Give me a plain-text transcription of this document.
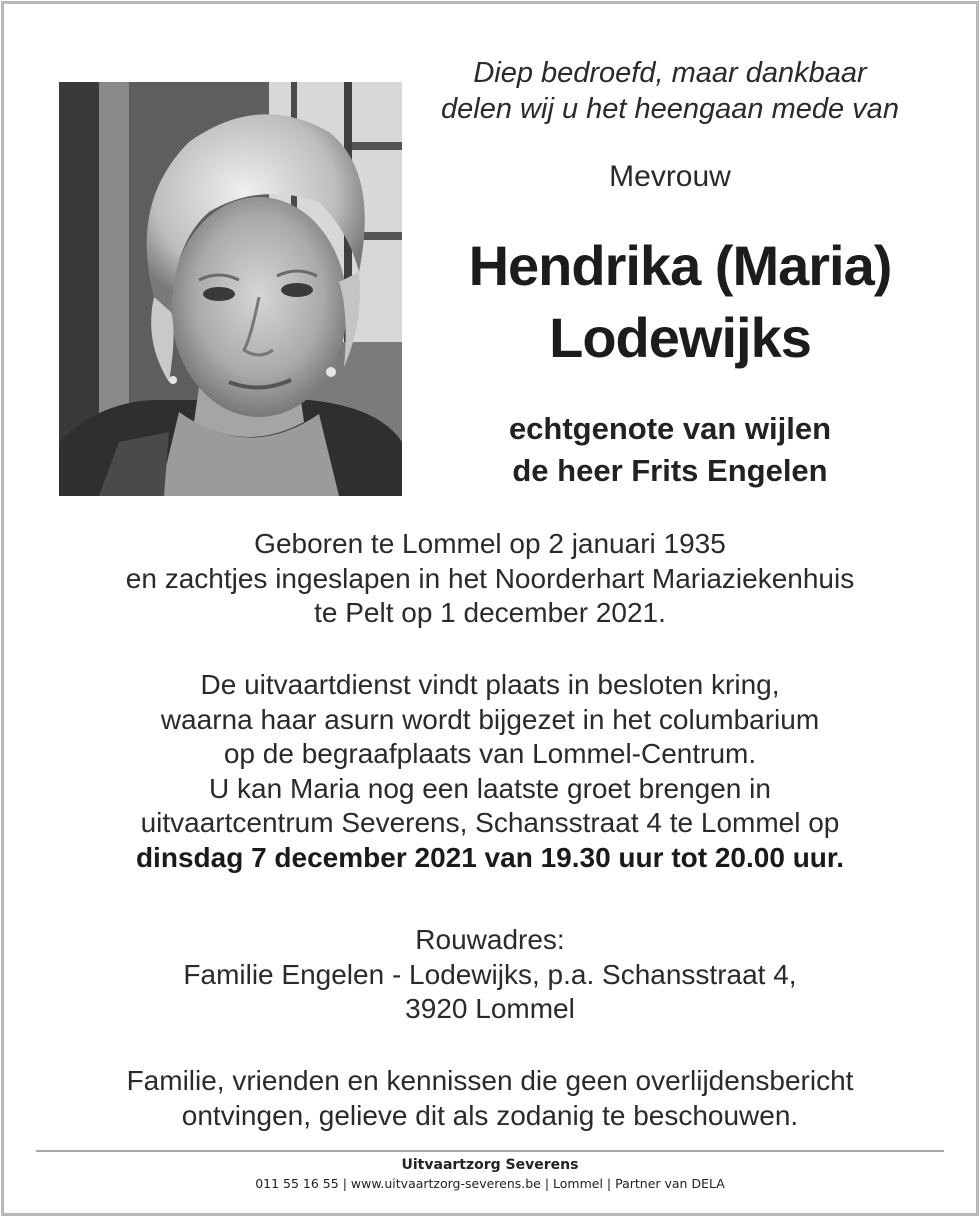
Diep bedroefd, maar dankbaar
delen wij u het heengaan mede van
Mevrouw
Hendrika (Maria)
Lodewijks
echtgenote van wijlen
de heer Frits Engelen
Geboren te Lommel op 2 januari 1935
en zachtjes ingeslapen in het Noorderhart Mariaziekenhuis
te Pelt op 1 december 2021.
De uitvaartdienst vindt plaats in besloten kring,
waarna haar asurn wordt bijgezet in het columbarium
op de begraafplaats van Lommel-Centrum.
U kan Maria nog een laatste groet brengen in
uitvaartcentrum Severens, Schansstraat 4 te Lommel op
dinsdag 7 december 2021 van 19.30 uur tot 20.00 uur.
Rouwadres:
Familie Engelen - Lodewijks, p.a. Schansstraat 4,
3920 Lommel
Familie, vrienden en kennissen die geen overlijdensbericht
ontvingen, gelieve dit als zodanig te beschouwen.
Uitvaartzorg Severens
011 55 16 55 | www.uitvaartzorg-severens.be | Lommel | Partner van DELA
